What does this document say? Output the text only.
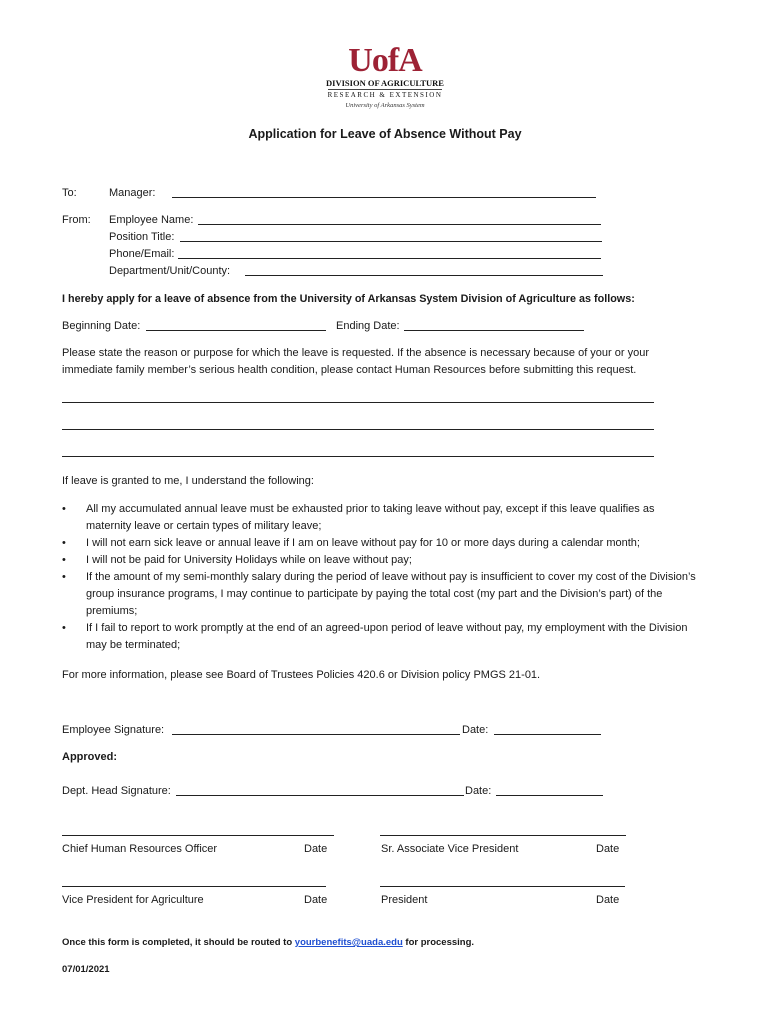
UofA
DIVISION OF AGRICULTURE
RESEARCH & EXTENSION
University of Arkansas System
Application for Leave of Absence Without Pay
To:	Manager:
From: Employee Name:
Position Title:
Phone/Email:
Department/Unit/County:
I hereby apply for a leave of absence from the University of Arkansas System Division of Agriculture as follows:
Beginning Date:	Ending Date:
Please state the reason or purpose for which the leave is requested. If the absence is necessary because of your or your
immediate family member’s serious health condition, please contact Human Resources before submitting this request.
If leave is granted to me, I understand the following:
• All my accumulated annual leave must be exhausted prior to taking leave without pay, except if this leave qualifies as maternity leave or certain types of military leave;
• I will not earn sick leave or annual leave if I am on leave without pay for 10 or more days during a calendar month;
• I will not be paid for University Holidays while on leave without pay;
• If the amount of my semi-monthly salary during the period of leave without pay is insufficient to cover my cost of the Division’s group insurance programs, I may continue to participate by paying the total cost (my part and the Division’s part) of the premiums;
• If I fail to report to work promptly at the end of an agreed-upon period of leave without pay, my employment with the Division may be terminated;
For more information, please see Board of Trustees Policies 420.6 or Division policy PMGS 21-01.
Employee Signature:	Date:
Approved:
Dept. Head Signature:	Date:
Chief Human Resources Officer	Date	Sr. Associate Vice President	Date
Vice President for Agriculture	Date	President	Date
Once this form is completed, it should be routed to yourbenefits@uada.edu for processing.
07/01/2021
